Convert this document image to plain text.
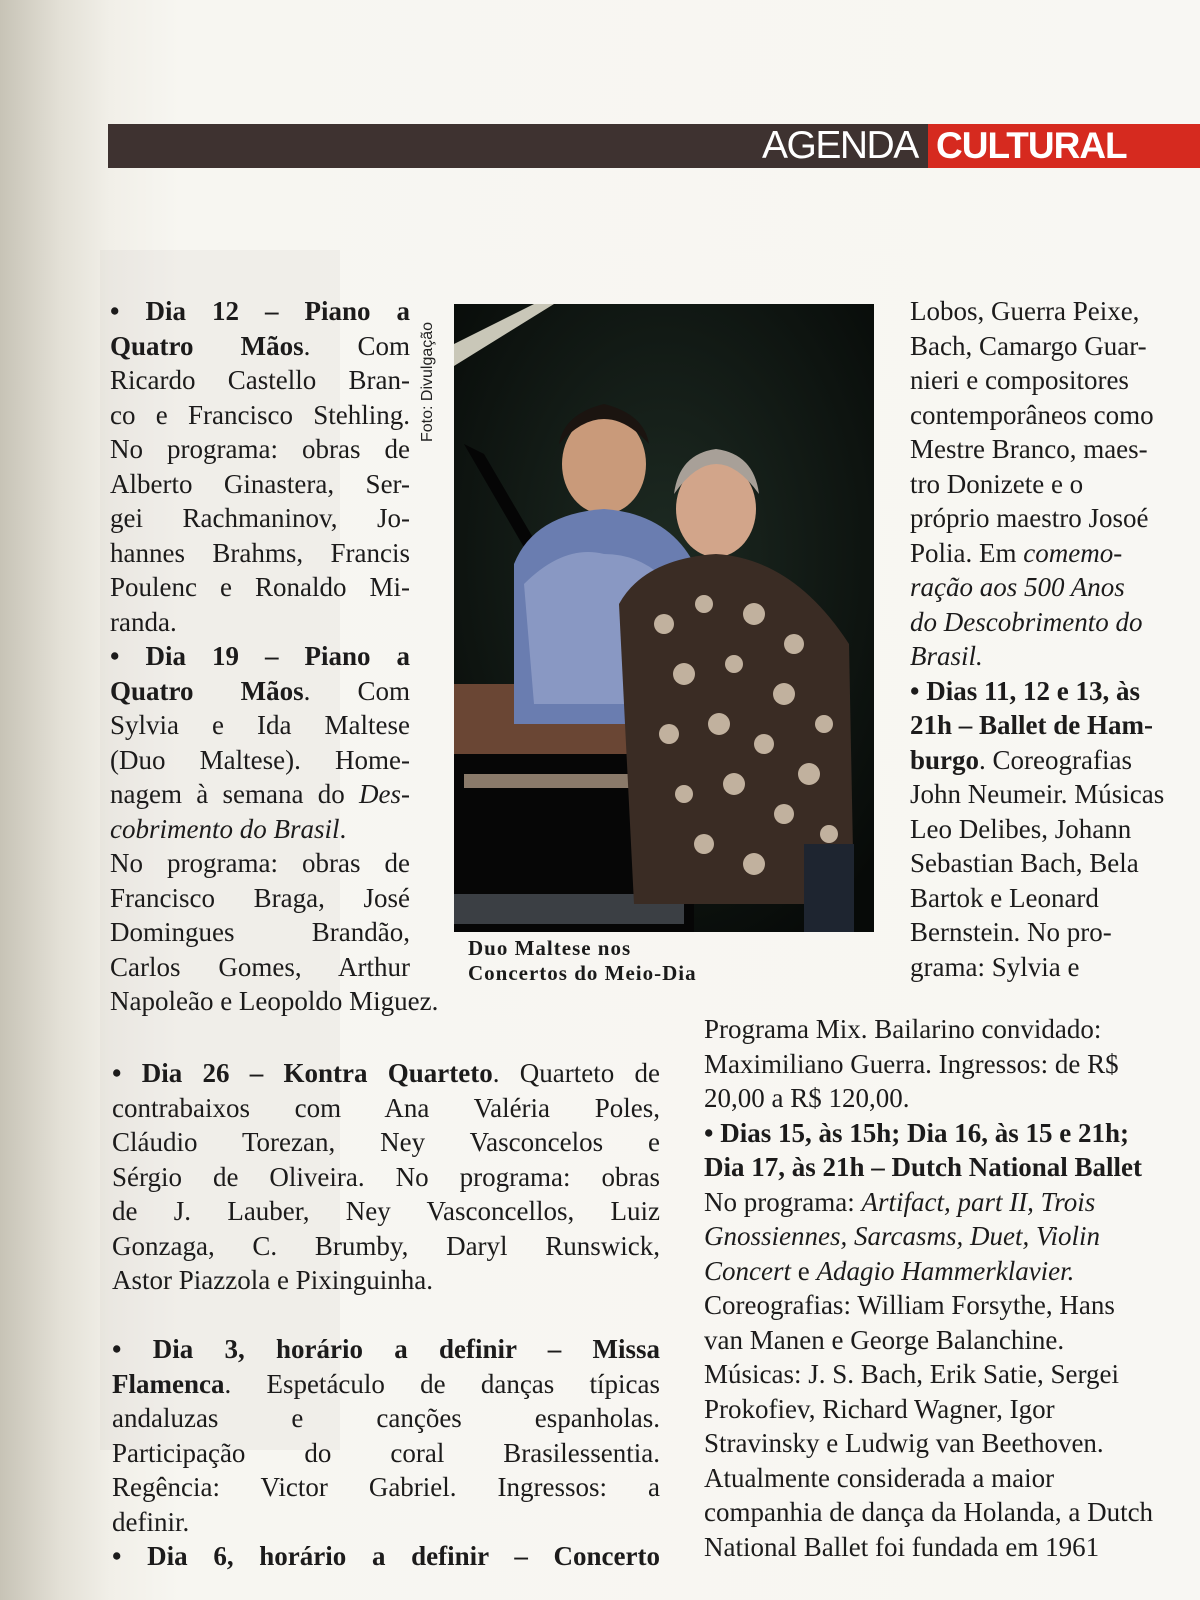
AGENDA CULTURAL
• Dia 12 – Piano a
Quatro Mãos. Com
Ricardo Castello Bran-
co e Francisco Stehling.
No programa: obras de
Alberto Ginastera, Ser-
gei Rachmaninov, Jo-
hannes Brahms, Francis
Poulenc e Ronaldo Mi-
randa.
• Dia 19 – Piano a
Quatro Mãos. Com
Sylvia e Ida Maltese
(Duo Maltese). Home-
nagem à semana do Des-
cobrimento do Brasil.
No programa: obras de
Francisco Braga, José
Domingues Brandão,
Carlos Gomes, Arthur
Napoleão e Leopoldo Miguez.
Foto: Divulgação
Duo Maltese nos
Concertos do Meio-Dia
• Dia 26 – Kontra Quarteto. Quarteto de
contrabaixos com Ana Valéria Poles,
Cláudio Torezan, Ney Vasconcelos e
Sérgio de Oliveira. No programa: obras
de J. Lauber, Ney Vasconcellos, Luiz
Gonzaga, C. Brumby, Daryl Runswick,
Astor Piazzola e Pixinguinha.

• Dia 3, horário a definir – Missa
Flamenca. Espetáculo de danças típicas
andaluzas e canções espanholas.
Participação do coral Brasilessentia.
Regência: Victor Gabriel. Ingressos: a
definir.
• Dia 6, horário a definir – Concerto
Lobos, Guerra Peixe,
Bach, Camargo Guar-
nieri e compositores
contemporâneos como
Mestre Branco, maes-
tro Donizete e o
próprio maestro Josoé
Polia. Em comemo-
ração aos 500 Anos
do Descobrimento do
Brasil.
• Dias 11, 12 e 13, às
21h – Ballet de Ham-
burgo. Coreografias
John Neumeir. Músicas
Leo Delibes, Johann
Sebastian Bach, Bela
Bartok e Leonard
Bernstein. No pro-
grama: Sylvia e
Programa Mix. Bailarino convidado:
Maximiliano Guerra. Ingressos: de R$
20,00 a R$ 120,00.
• Dias 15, às 15h; Dia 16, às 15 e 21h;
Dia 17, às 21h – Dutch National Ballet
No programa: Artifact, part II, Trois
Gnossiennes, Sarcasms, Duet, Violin
Concert e Adagio Hammerklavier.
Coreografias: William Forsythe, Hans
van Manen e George Balanchine.
Músicas: J. S. Bach, Erik Satie, Sergei
Prokofiev, Richard Wagner, Igor
Stravinsky e Ludwig van Beethoven.
Atualmente considerada a maior
companhia de dança da Holanda, a Dutch
National Ballet foi fundada em 1961
